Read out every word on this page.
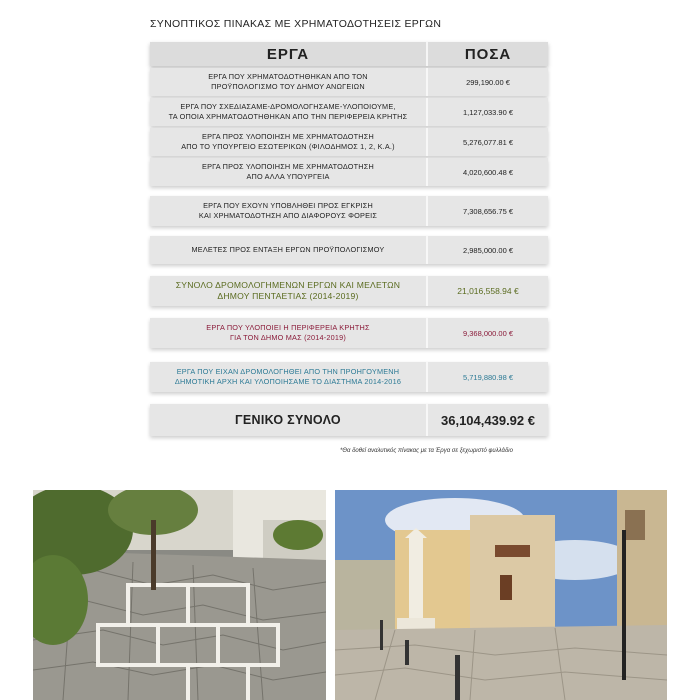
ΣΥΝΟΠΤΙΚΟΣ ΠΙΝΑΚΑΣ ΜΕ ΧΡΗΜΑΤΟΔΟΤΗΣΕΙΣ ΕΡΓΩΝ
ΕΡΓΑ	ΠΟΣΑ
ΕΡΓΑ ΠΟΥ ΧΡΗΜΑΤΟΔΟΤΗΘΗΚΑΝ ΑΠΟ ΤΟΝ
ΠΡΟΫΠΟΛΟΓΙΣΜΟ ΤΟΥ ΔΗΜΟΥ ΑΝΩΓΕΙΩΝ	299,190.00 €
ΕΡΓΑ ΠΟΥ ΣΧΕΔΙΑΣΑΜΕ-ΔΡΟΜΟΛΟΓΗΣΑΜΕ-ΥΛΟΠΟΙΟΥΜΕ,
ΤΑ ΟΠΟΙΑ ΧΡΗΜΑΤΟΔΟΤΗΘΗΚΑΝ ΑΠΟ ΤΗΝ ΠΕΡΙΦΕΡΕΙΑ ΚΡΗΤΗΣ	1,127,033.90 €
ΕΡΓΑ ΠΡΟΣ ΥΛΟΠΟΙΗΣΗ ΜΕ ΧΡΗΜΑΤΟΔΟΤΗΣΗ
ΑΠΟ ΤΟ ΥΠΟΥΡΓΕΙΟ ΕΣΩΤΕΡΙΚΩΝ (ΦΙΛΟΔΗΜΟΣ 1, 2, Κ.Α.)	5,276,077.81 €
ΕΡΓΑ ΠΡΟΣ ΥΛΟΠΟΙΗΣΗ ΜΕ ΧΡΗΜΑΤΟΔΟΤΗΣΗ
ΑΠΟ ΑΛΛΑ ΥΠΟΥΡΓΕΙΑ	4,020,600.48 €
ΕΡΓΑ ΠΟΥ ΕΧΟΥΝ ΥΠΟΒΛΗΘΕΙ ΠΡΟΣ ΕΓΚΡΙΣΗ
ΚΑΙ ΧΡΗΜΑΤΟΔΟΤΗΣΗ ΑΠΟ ΔΙΑΦΟΡΟΥΣ ΦΟΡΕΙΣ	7,308,656.75 €
ΜΕΛΕΤΕΣ ΠΡΟΣ ΕΝΤΑΞΗ ΕΡΓΩΝ ΠΡΟΫΠΟΛΟΓΙΣΜΟΥ	2,985,000.00 €
ΣΥΝΟΛΟ ΔΡΟΜΟΛΟΓΗΜΕΝΩΝ ΕΡΓΩΝ ΚΑΙ ΜΕΛΕΤΩΝ
ΔΗΜΟΥ ΠΕΝΤΑΕΤΙΑΣ (2014-2019)	21,016,558.94 €
ΕΡΓΑ ΠΟΥ ΥΛΟΠΟΙΕΙ Η ΠΕΡΙΦΕΡΕΙΑ ΚΡΗΤΗΣ
ΓΙΑ ΤΟΝ ΔΗΜΟ ΜΑΣ (2014-2019)	9,368,000.00 €
ΕΡΓΑ ΠΟΥ ΕΙΧΑΝ ΔΡΟΜΟΛΟΓΗΘΕΙ ΑΠΟ ΤΗΝ ΠΡΟΗΓΟΥΜΕΝΗ
ΔΗΜΟΤΙΚΗ ΑΡΧΗ ΚΑΙ ΥΛΟΠΟΙΗΣΑΜΕ ΤΟ ΔΙΑΣΤΗΜΑ 2014-2016	5,719,880.98 €
ΓΕΝΙΚΟ ΣΥΝΟΛΟ	36,104,439.92 €
*Θα δοθεί αναλυτικός πίνακας με τα Έργα σε ξεχωριστό φυλλάδιο
